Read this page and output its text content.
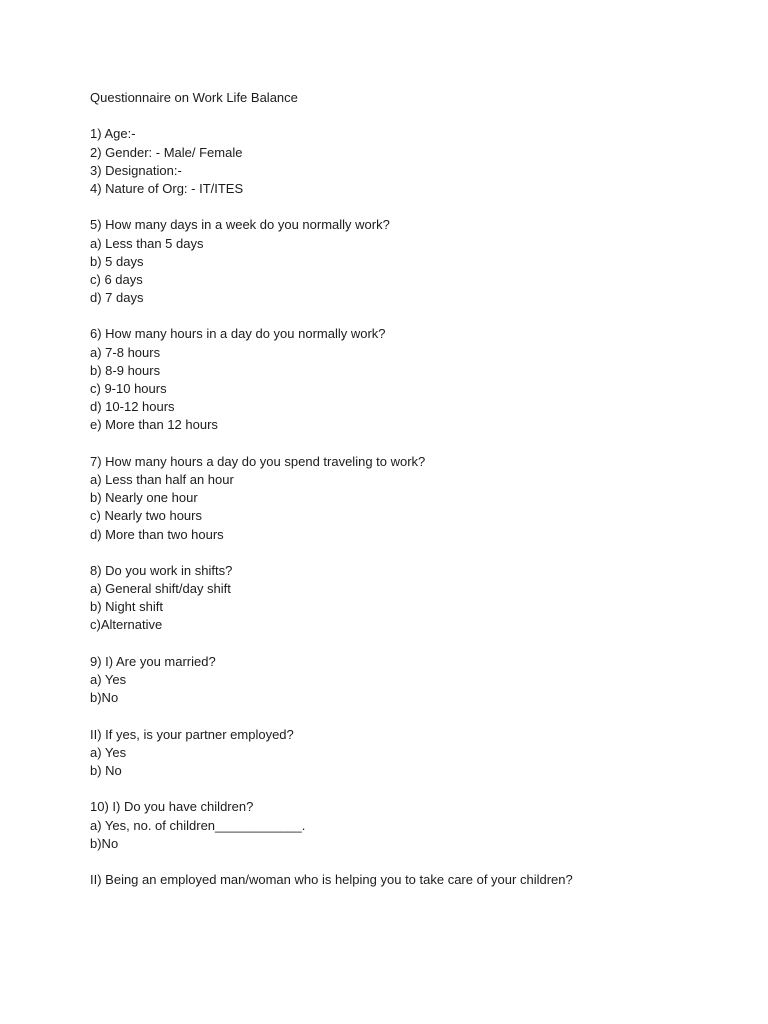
Questionnaire on Work Life Balance
1) Age:-
2) Gender: - Male/ Female
3) Designation:-
4) Nature of Org: - IT/ITES
5) How many days in a week do you normally work?
a) Less than 5 days
b) 5 days
c) 6 days
d) 7 days
6) How many hours in a day do you normally work?
a) 7-8 hours
b) 8-9 hours
c) 9-10 hours
d) 10-12 hours
e) More than 12 hours
7) How many hours a day do you spend traveling to work?
a) Less than half an hour
b) Nearly one hour
c) Nearly two hours
d) More than two hours
8) Do you work in shifts?
a) General shift/day shift
b) Night shift
c)Alternative
9) I) Are you married?
a) Yes
b)No
II) If yes, is your partner employed?
a) Yes
b) No
10) I) Do you have children?
a) Yes, no. of children____________.
b)No
II) Being an employed man/woman who is helping you to take care of your children?
